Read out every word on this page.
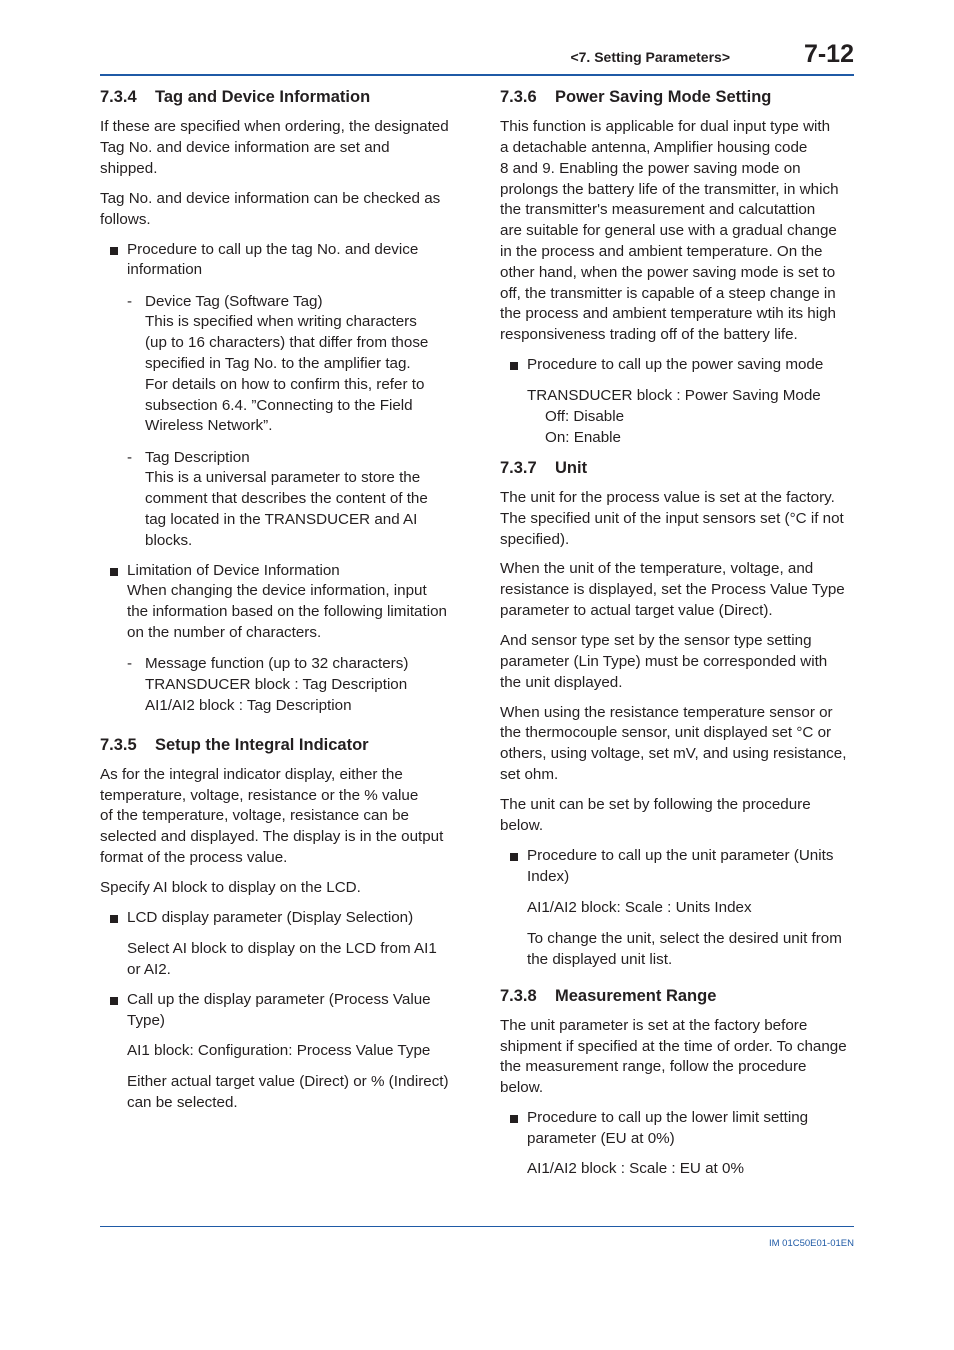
<7. Setting Parameters>	7-12
7.3.4 Tag and Device Information

If these are specified when ordering, the designated
Tag No. and device information are set and
shipped.

Tag No. and device information can be checked as
follows.

Procedure to call up the tag No. and device
information

- Device Tag (Software Tag)
This is specified when writing characters
(up to 16 characters) that differ from those
specified in Tag No. to the amplifier tag.
For details on how to confirm this, refer to
subsection 6.4. ”Connecting to the Field
Wireless Network”.

- Tag Description
This is a universal parameter to store the
comment that describes the content of the
tag located in the TRANSDUCER and AI
blocks.

Limitation of Device Information
When changing the device information, input
the information based on the following limitation
on the number of characters.

- Message function (up to 32 characters)
TRANSDUCER block : Tag Description
AI1/AI2 block : Tag Description

7.3.5 Setup the Integral Indicator

As for the integral indicator display, either the
temperature, voltage, resistance or the % value
of the temperature, voltage, resistance can be
selected and displayed. The display is in the output
format of the process value.

Specify AI block to display on the LCD.

LCD display parameter (Display Selection)

Select AI block to display on the LCD from AI1
or AI2.

Call up the display parameter (Process Value
Type)

AI1 block: Configuration: Process Value Type

Either actual target value (Direct) or % (Indirect)
can be selected.

7.3.6 Power Saving Mode Setting

This function is applicable for dual input type with
a detachable antenna, Amplifier housing code
8 and 9. Enabling the power saving mode on
prolongs the battery life of the transmitter, in which
the transmitter's measurement and calcutattion
are suitable for general use with a gradual change
in the process and ambient temperature. On the
other hand, when the power saving mode is set to
off, the transmitter is capable of a steep change in
the process and ambient temperature wtih its high
responsiveness trading off of the battery life.

Procedure to call up the power saving mode

TRANSDUCER block : Power Saving Mode

Off: Disable
On: Enable

7.3.7 Unit

The unit for the process value is set at the factory.
The specified unit of the input sensors set (°C if not
specified).

When the unit of the temperature, voltage, and
resistance is displayed, set the Process Value Type
parameter to actual target value (Direct).

And sensor type set by the sensor type setting
parameter (Lin Type) must be corresponded with
the unit displayed.

When using the resistance temperature sensor or
the thermocouple sensor, unit displayed set °C or
others, using voltage, set mV, and using resistance,
set ohm.

The unit can be set by following the procedure
below.

Procedure to call up the unit parameter (Units
Index)

AI1/AI2 block: Scale : Units Index

To change the unit, select the desired unit from
the displayed unit list.

7.3.8 Measurement Range

The unit parameter is set at the factory before
shipment if specified at the time of order. To change
the measurement range, follow the procedure
below.

Procedure to call up the lower limit setting
parameter (EU at 0%)

AI1/AI2 block : Scale : EU at 0%

IM 01C50E01-01EN
